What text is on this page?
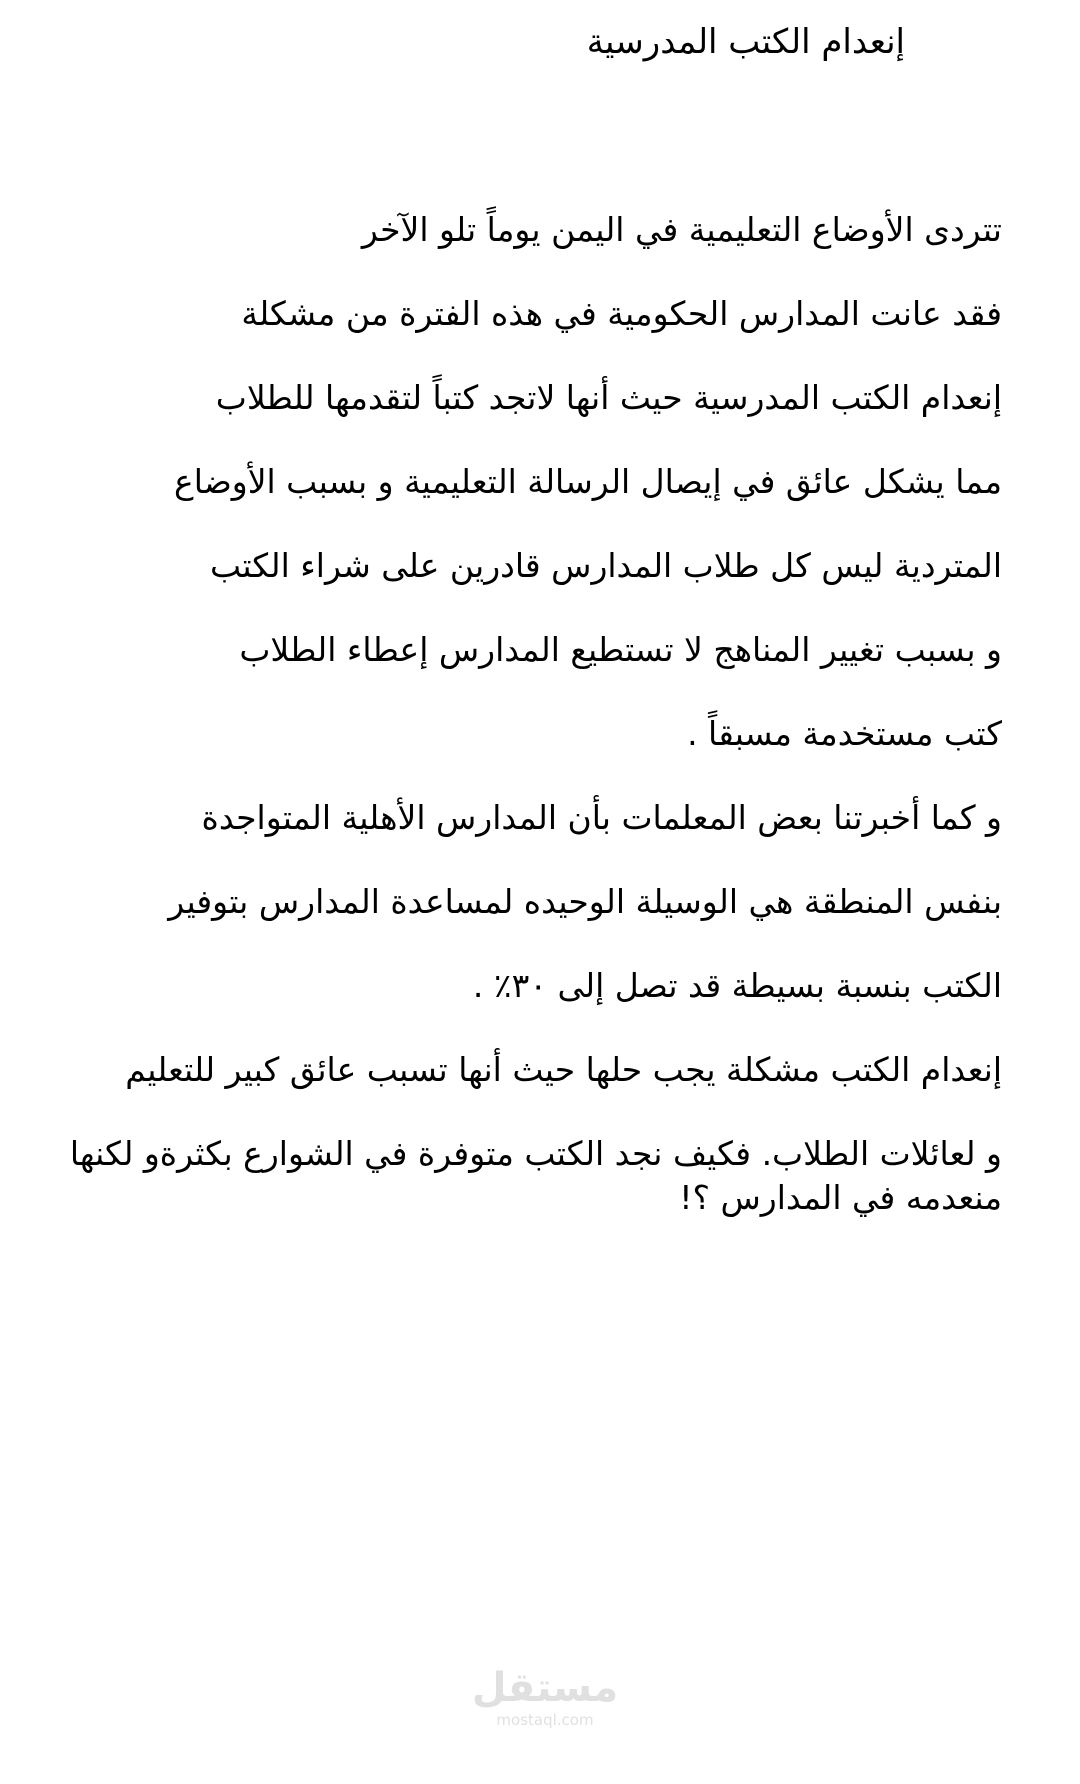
إنعدام الكتب المدرسية
تتردى الأوضاع التعليمية في اليمن يوماً تلو الآخر
فقد عانت المدارس الحكومية في هذه الفترة من مشكلة
إنعدام الكتب المدرسية حيث أنها لاتجد كتباً لتقدمها للطلاب
مما يشكل عائق في إيصال الرسالة التعليمية و بسبب الأوضاع
المتردية ليس كل طلاب المدارس قادرين على شراء الكتب
و بسبب تغيير المناهج لا تستطيع المدارس إعطاء الطلاب
كتب مستخدمة مسبقاً .
و كما أخبرتنا بعض المعلمات بأن المدارس الأهلية المتواجدة
بنفس المنطقة هي الوسيلة الوحيده لمساعدة المدارس بتوفير
الكتب بنسبة بسيطة قد تصل إلى ٣٠٪ .
إنعدام الكتب مشكلة يجب حلها حيث أنها تسبب عائق كبير للتعليم
و لعائلات الطلاب. فكيف نجد الكتب متوفرة في الشوارع بكثرةو لكنها
منعدمه في المدارس ؟!
مستقل
mostaql.com
